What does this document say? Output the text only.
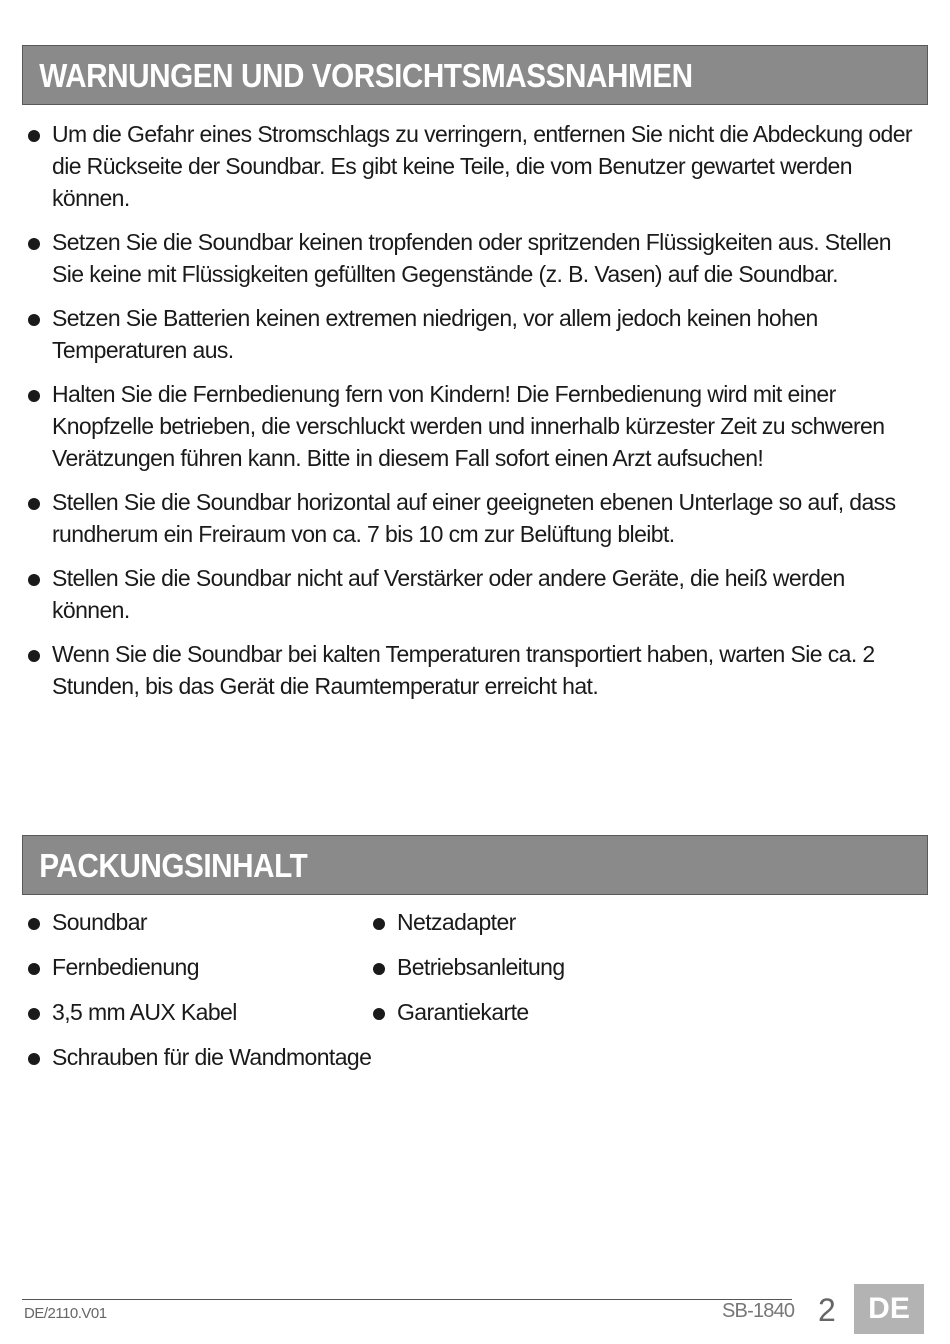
WARNUNGEN UND VORSICHTSMASSNAHMEN
Um die Gefahr eines Stromschlags zu verringern, entfernen Sie nicht die Abdeckung oder die Rückseite der Soundbar. Es gibt keine Teile, die vom Benutzer gewartet werden können.
Setzen Sie die Soundbar keinen tropfenden oder spritzenden Flüssigkeiten aus. Stellen Sie keine mit Flüssigkeiten gefüllten Gegenstände (z. B. Vasen) auf die Soundbar.
Setzen Sie Batterien keinen extremen niedrigen, vor allem jedoch keinen hohen Temperaturen aus.
Halten Sie die Fernbedienung fern von Kindern! Die Fernbedienung wird mit einer Knopfzelle betrieben, die verschluckt werden und innerhalb kürzester Zeit zu schweren Verätzungen führen kann. Bitte in diesem Fall sofort einen Arzt aufsuchen!
Stellen Sie die Soundbar horizontal auf einer geeigneten ebenen Unterlage so auf, dass rundherum ein Freiraum von ca. 7 bis 10 cm zur Belüftung bleibt.
Stellen Sie die Soundbar nicht auf Verstärker oder andere Geräte, die heiß werden können.
Wenn Sie die Soundbar bei kalten Temperaturen transportiert haben, warten Sie ca. 2 Stunden, bis das Gerät die Raumtemperatur erreicht hat.
PACKUNGSINHALT
Soundbar	Netzadapter
Fernbedienung	Betriebsanleitung
3,5 mm AUX Kabel	Garantiekarte
Schrauben für die Wandmontage
DE/2110.V01	SB-1840 2	DE
